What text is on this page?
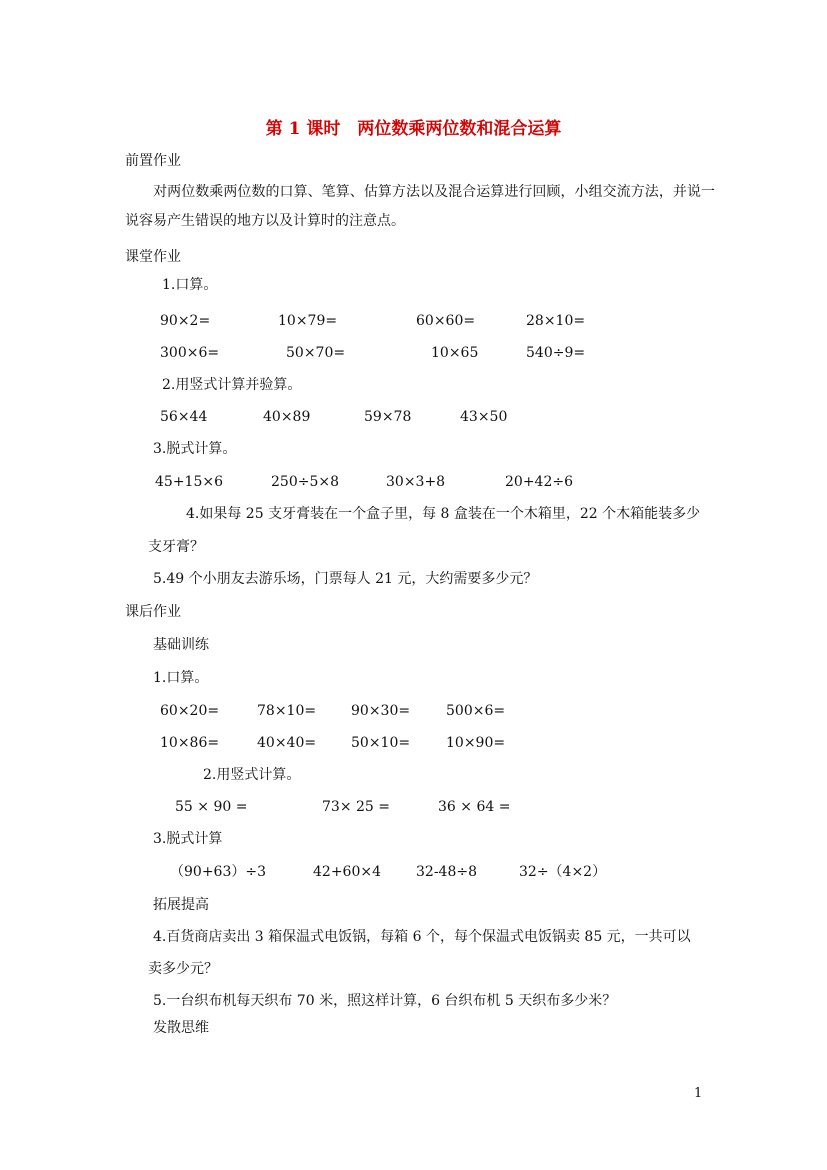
第 1 课时　两位数乘两位数和混合运算
前置作业
　　对两位数乘两位数的口算、笔算、估算方法以及混合运算进行回顾，小组交流方法，并说一说容易产生错误的地方以及计算时的注意点。
课堂作业
1.口算。
90×2=	10×79=	60×60=	28×10=
300×6=	50×70=	10×65	540÷9=
2.用竖式计算并验算。
56×44	40×89	59×78	43×50
3.脱式计算。
45+15×6	250÷5×8	30×3+8	20+42÷6
4.如果每 25 支牙膏装在一个盒子里，每 8 盒装在一个木箱里，22 个木箱能装多少
支牙膏？
5.49 个小朋友去游乐场，门票每人 21 元，大约需要多少元？
课后作业
基础训练
1.口算。
60×20=	78×10= 90×30=	500×6=
10×86=	40×40= 50×10=	10×90=
2.用竖式计算。
55 × 90 =	73× 25 =	36 × 64 =
3.脱式计算
（90+63）÷3	42+60×4	32-48÷8	32÷（4×2）
拓展提高
4.百货商店卖出 3 箱保温式电饭锅，每箱 6 个，每个保温式电饭锅卖 85 元，一共可以
卖多少元？
5.一台织布机每天织布 70 米，照这样计算，6 台织布机 5 天织布多少米？
发散思维
1
